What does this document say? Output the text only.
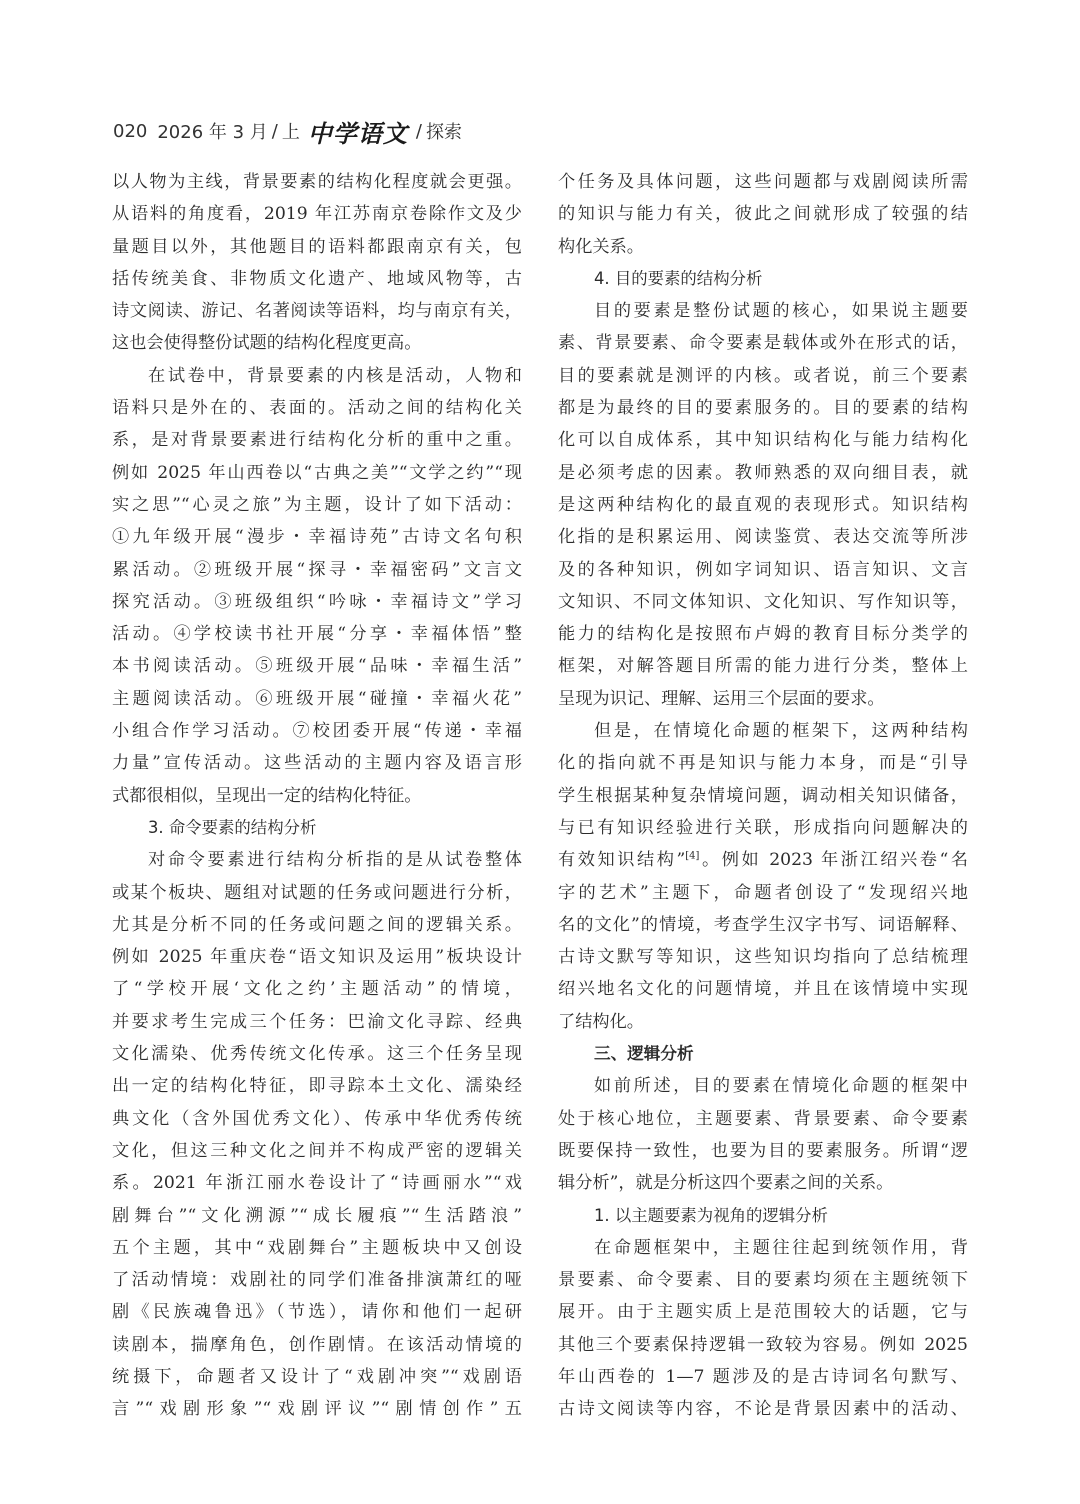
020 2026 年 3 月 / 上 中学语文 / 探索
以人物为主线，背景要素的结构化程度就会更强。
从语料的角度看，2019 年江苏南京卷除作文及少
量题目以外，其他题目的语料都跟南京有关，包
括传统美食、非物质文化遗产、地域风物等，古
诗文阅读、游记、名著阅读等语料，均与南京有关，
这也会使得整份试题的结构化程度更高。
在试卷中，背景要素的内核是活动，人物和
语料只是外在的、表面的。活动之间的结构化关
系，是对背景要素进行结构化分析的重中之重。
例如 2025 年山西卷以“古典之美”“文学之约”“现
实之思”“心灵之旅”为主题，设计了如下活动：
①九年级开展“漫步・幸福诗苑”古诗文名句积
累活动。②班级开展“探寻・幸福密码”文言文
探究活动。③班级组织“吟咏・幸福诗文”学习
活动。④学校读书社开展“分享・幸福体悟”整
本书阅读活动。⑤班级开展“品味・幸福生活”
主题阅读活动。⑥班级开展“碰撞・幸福火花”
小组合作学习活动。⑦校团委开展“传递・幸福
力量”宣传活动。这些活动的主题内容及语言形
式都很相似，呈现出一定的结构化特征。
3. 命令要素的结构分析
对命令要素进行结构分析指的是从试卷整体
或某个板块、题组对试题的任务或问题进行分析，
尤其是分析不同的任务或问题之间的逻辑关系。
例如 2025 年重庆卷“语文知识及运用”板块设计
了“学校开展‘文化之约’主题活动”的情境，
并要求考生完成三个任务：巴渝文化寻踪、经典
文化濡染、优秀传统文化传承。这三个任务呈现
出一定的结构化特征，即寻踪本土文化、濡染经
典文化（含外国优秀文化）、传承中华优秀传统
文化，但这三种文化之间并不构成严密的逻辑关
系。2021 年浙江丽水卷设计了“诗画丽水”“戏
剧舞台”“文化溯源”“成长履痕”“生活踏浪”
五个主题，其中“戏剧舞台”主题板块中又创设
了活动情境：戏剧社的同学们准备排演萧红的哑
剧《民族魂鲁迅》（节选），请你和他们一起研
读剧本，揣摩角色，创作剧情。在该活动情境的
统摄下，命题者又设计了“戏剧冲突”“戏剧语
言”“戏剧形象”“戏剧评议”“剧情创作”五
个任务及具体问题，这些问题都与戏剧阅读所需
的知识与能力有关，彼此之间就形成了较强的结
构化关系。
4. 目的要素的结构分析
目的要素是整份试题的核心，如果说主题要
素、背景要素、命令要素是载体或外在形式的话，
目的要素就是测评的内核。或者说，前三个要素
都是为最终的目的要素服务的。目的要素的结构
化可以自成体系，其中知识结构化与能力结构化
是必须考虑的因素。教师熟悉的双向细目表，就
是这两种结构化的最直观的表现形式。知识结构
化指的是积累运用、阅读鉴赏、表达交流等所涉
及的各种知识，例如字词知识、语言知识、文言
文知识、不同文体知识、文化知识、写作知识等，
能力的结构化是按照布卢姆的教育目标分类学的
框架，对解答题目所需的能力进行分类，整体上
呈现为识记、理解、运用三个层面的要求。
但是，在情境化命题的框架下，这两种结构
化的指向就不再是知识与能力本身，而是“引导
学生根据某种复杂情境问题，调动相关知识储备，
与已有知识经验进行关联，形成指向问题解决的
有效知识结构”[4]。例如 2023 年浙江绍兴卷“名
字的艺术”主题下，命题者创设了“发现绍兴地
名的文化”的情境，考查学生汉字书写、词语解释、
古诗文默写等知识，这些知识均指向了总结梳理
绍兴地名文化的问题情境，并且在该情境中实现
了结构化。
三、逻辑分析
如前所述，目的要素在情境化命题的框架中
处于核心地位，主题要素、背景要素、命令要素
既要保持一致性，也要为目的要素服务。所谓“逻
辑分析”，就是分析这四个要素之间的关系。
1. 以主题要素为视角的逻辑分析
在命题框架中，主题往往起到统领作用，背
景要素、命令要素、目的要素均须在主题统领下
展开。由于主题实质上是范围较大的话题，它与
其他三个要素保持逻辑一致较为容易。例如 2025
年山西卷的 1—7 题涉及的是古诗词名句默写、
古诗文阅读等内容，不论是背景因素中的活动、
